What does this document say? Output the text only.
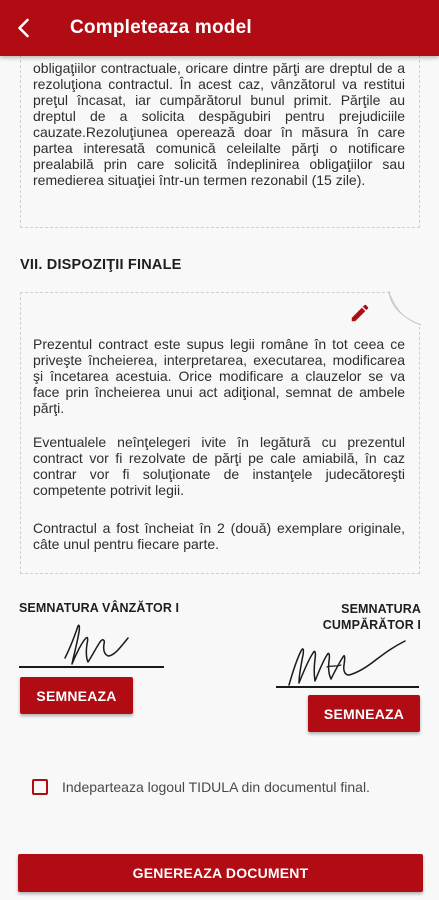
Completeaza model

obligaţiilor contractuale, oricare dintre părţi are dreptul de a rezoluţiona contractul. În acest caz, vânzătorul va restitui preţul încasat, iar cumpărătorul bunul primit. Părţile au dreptul de a solicita despăgubiri pentru prejudiciile cauzate.Rezoluţiunea operează doar în măsura în care partea interesată comunică celeilalte părţi o notificare prealabilă prin care solicită îndeplinirea obligaţiilor sau remedierea situaţiei într-un termen rezonabil (15 zile).

VII. DISPOZIŢII FINALE

Prezentul contract este supus legii române în tot ceea ce priveşte încheierea, interpretarea, executarea, modificarea şi încetarea acestuia. Orice modificare a clauzelor se va face prin încheierea unui act adiţional, semnat de ambele părţi.

Eventualele neînţelegeri ivite în legătură cu prezentul contract vor fi rezolvate de părţi pe cale amiabilă, în caz contrar vor fi soluţionate de instanţele judecătoreşti competente potrivit legii.

Contractul a fost încheiat în 2 (două) exemplare originale, câte unul pentru fiecare parte.

SEMNATURA VÂNZĂTOR I	SEMNATURA
CUMPĂRĂTOR I
SEMNEAZA
SEMNEAZA
Indeparteaza logoul TIDULA din documentul final.
GENEREAZA DOCUMENT
